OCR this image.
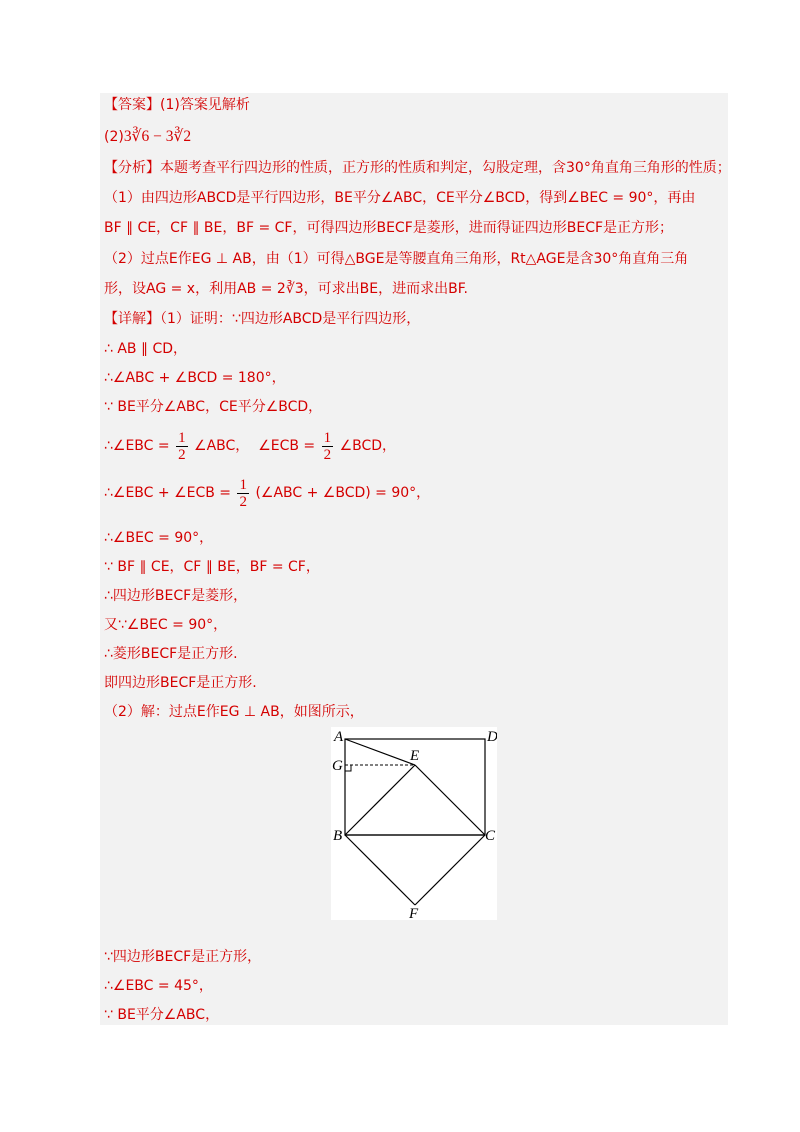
【答案】(1)答案见解析
(2)3∛6 − 3∛2
【分析】本题考查平行四边形的性质，正方形的性质和判定，勾股定理，含30°角直角三角形的性质；
（1）由四边形ABCD是平行四边形，BE平分∠ABC，CE平分∠BCD，得到∠BEC = 90°，再由
BF ∥ CE，CF ∥ BE，BF = CF，可得四边形BECF是菱形，进而得证四边形BECF是正方形；
（2）过点E作EG ⊥ AB，由（1）可得△BGE是等腰直角三角形，Rt△AGE是含30°角直角三角
形，设AG = x，利用AB = 2∛3，可求出BE，进而求出BF.
【详解】（1）证明：∵四边形ABCD是平行四边形，
∴ AB ∥ CD，
∴∠ABC + ∠BCD = 180°，
∵ BE平分∠ABC，CE平分∠BCD，
∴∠EBC = $\frac{1}{2}$ ∠ABC， ∠ECB = $\frac{1}{2}$ ∠BCD，
∴∠EBC + ∠ECB = $\frac{1}{2}$ (∠ABC + ∠BCD) = 90°，
∴∠BEC = 90°，
∵ BF ∥ CE，CF ∥ BE，BF = CF，
∴四边形BECF是菱形，
又∵∠BEC = 90°，
∴菱形BECF是正方形.
即四边形BECF是正方形.
（2）解：过点E作EG ⊥ AB，如图所示，
A	D
G
E
B	C
F
∵四边形BECF是正方形，
∴∠EBC = 45°，
∵ BE平分∠ABC，
